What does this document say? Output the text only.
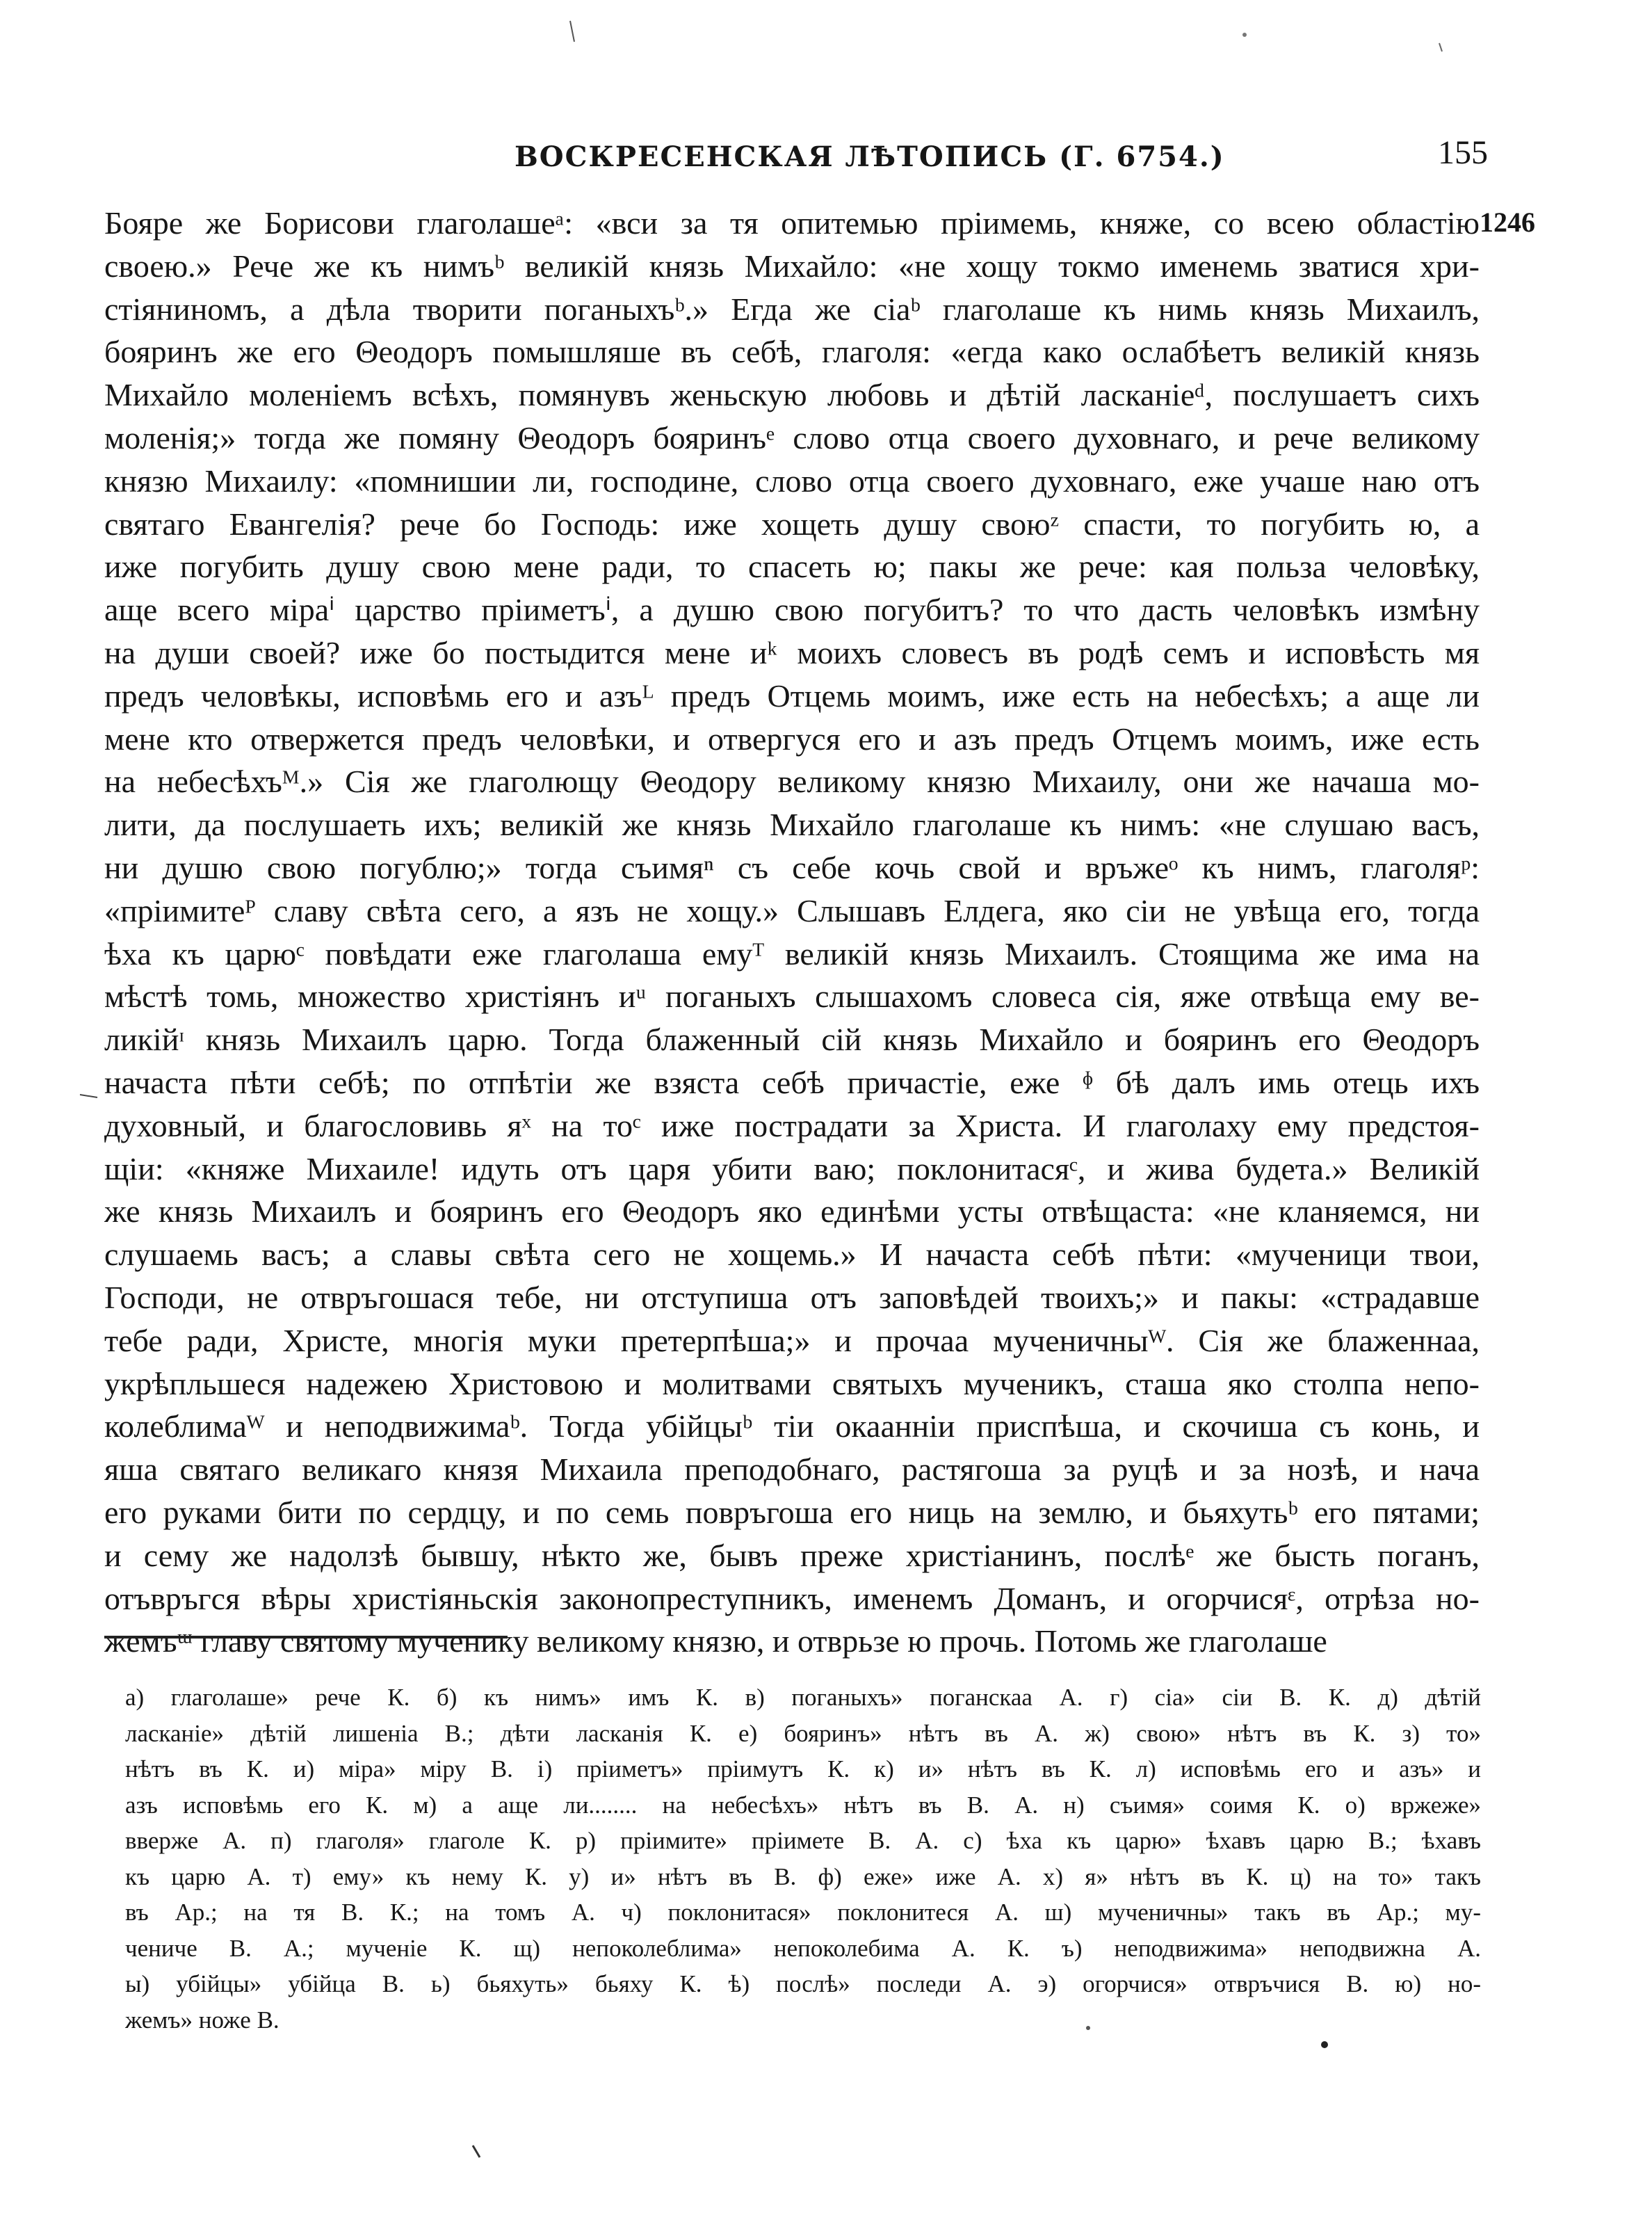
ВОСКРЕСЕНСКАЯ ЛѢТОПИСЬ (Г. 6754.)	155
1246
Бояре же Борисови глаголашеᵃ: «вси за тя опитемью пріимемь, княже, со всею областію
своею.» Рече же къ нимъᵇ великій князь Михайло: «не хощу токмо именемь зватися хри-
стіяниномъ, а дѣла творити поганыхъᵇ.» Егда же сіаᵇ глаголаше къ нимь князь Михаилъ,
бояринъ же его Θеодоръ помышляше въ себѣ, глаголя: «егда како ослабѣетъ великій князь
Михайло моленіемъ всѣхъ, помянувъ женьскую любовь и дѣтій ласканіеᵈ, послушаетъ сихъ
моленія;» тогда же помяну Θеодоръ бояринъᵉ слово отца своего духовнаго, и рече великому
князю Михаилу: «помнишии ли, господине, слово отца своего духовнаго, еже учаше наю отъ
святаго Евангелія? рече бо Господь: иже хощеть душу своюᶻ спасти, то погубить ю, а
иже погубить душу свою мене ради, то спасеть ю; пакы же рече: кая польза человѣку,
аще всего міраⁱ царство пріиметъⁱ, а душю свою погубитъ? то что дасть человѣкъ измѣну
на души своей? иже бо постыдится мене иᵏ моихъ словесъ въ родѣ семъ и исповѣсть мя
предъ человѣкы, исповѣмь его и азъᴸ предъ Отцемь моимъ, иже есть на небесѣхъ; а аще ли
мене кто отвержется предъ человѣки, и отвергуся его и азъ предъ Отцемъ моимъ, иже есть
на небесѣхъᴹ.» Сія же глаголющу Θеодору великому князю Михаилу, они же начаша мо-
лити, да послушаеть ихъ; великій же князь Михайло глаголаше къ нимъ: «не слушаю васъ,
ни душю свою погублю;» тогда съимяⁿ съ себе кочь свой и връжеᵒ къ нимъ, глаголяᵖ:
«пріимитеᴾ славу свѣта сего, а язъ не хощу.» Слышавъ Елдега, яко сіи не увѣща его, тогда
ѣха къ царюᶜ повѣдати еже глаголаша емуᵀ великій князь Михаилъ. Стоящима же има на
мѣстѣ томь, множество христіянъ иᵘ поганыхъ слышахомъ словеса сія, яже отвѣща ему ве-
ликійᶦ князь Михаилъ царю. Тогда блаженный сій князь Михайло и бояринъ его Θеодоръ
начаста пѣти себѣ; по отпѣтіи же взяста себѣ причастіе, еже ᶲ бѣ далъ имь отець ихъ
духовный, и благословивь яˣ на тоᶜ иже пострадати за Христа. И глаголаху ему предстоя-
щіи: «княже Михаиле! идуть отъ царя убити ваю; поклонитасяᶜ, и жива будета.» Великій
же князь Михаилъ и бояринъ его Θеодоръ яко единѣми усты отвѣщаста: «не кланяемся, ни
слушаемь васъ; а славы свѣта сего не хощемь.» И начаста себѣ пѣти: «мученици твои,
Господи, не отвръгошася тебе, ни отступиша отъ заповѣдей твоихъ;» и пакы: «страдавше
тебе ради, Христе, многія муки претерпѣша;» и прочаа мученичныᵂ. Сія же блаженнаа,
укрѣпльшеся надежею Христовою и молитвами святыхъ мученикъ, сташа яко столпа непо-
колеблимаᵂ и неподвижимаᵇ. Тогда убійцыᵇ тіи окааннiи приспѣша, и скочиша съ конь, и
яша святаго великаго князя Михаила преподобнаго, растягоша за руцѣ и за нозѣ, и нача
его руками бити по сердцу, и по семь повръгоша его ниць на землю, и бьяхутьᵇ его пятами;
и сему же надолзѣ бывшу, нѣкто же, бывъ преже христіанинъ, послѣᵉ же бысть поганъ,
отъвръгся вѣры христіяньскія законопреступникъ, именемъ Доманъ, и огорчисяᵋ, отрѣза но-
жемъᵚ главу святому мученику великому князю, и отврьзе ю прочь. Потомь же глаголаше
а) глаголаше» рече К. б) къ нимъ» имъ К. в) поганыхъ» поганскаа А. г) сіа» сіи В. К. д) дѣтій
ласканіе» дѣтій лишеніа В.; дѣти ласканія К. е) бояринъ» нѣтъ въ А. ж) свою» нѣтъ въ К. з) то»
нѣтъ въ К. и) міра» міру В. і) пріиметъ» пріимутъ К. к) и» нѣтъ въ К. л) исповѣмь его и азъ» и
азъ исповѣмь его К. м) а аще ли........ на небесѣхъ» нѣтъ въ В. А. н) съимя» соимя К. о) вржеже»
вверже А. п) глаголя» глаголе К. р) пріимите» пріимете В. А. с) ѣха къ царю» ѣхавъ царю В.; ѣхавъ
къ царю А. т) ему» къ нему К. у) и» нѣтъ въ В. ф) еже» иже А. х) я» нѣтъ въ К. ц) на то» такъ
въ Ар.; на тя В. К.; на томъ А. ч) поклонитася» поклонитеся А. ш) мученичны» такъ въ Ар.; му-
чениче В. А.; мученіе К. щ) непоколеблима» непоколебима А. К. ъ) неподвижима» неподвижна А.
ы) убійцы» убійца В. ь) бьяхуть» бьяху К. ѣ) послѣ» последи А. э) огорчися» отвръчися В. ю) но-
жемъ» ножe В.
